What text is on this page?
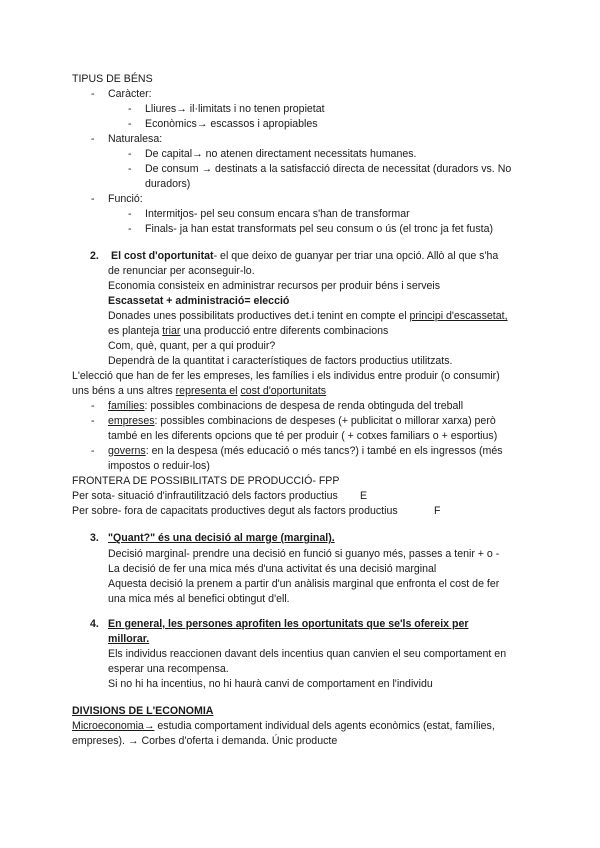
TIPUS DE BÉNS
- Caràcter:
- Lliures→ il·limitats i no tenen propietat
- Econòmics→ escassos i apropiables
- Naturalesa:
- De capital→ no atenen directament necessitats humanes.
- De consum → destinats a la satisfacció directa de necessitat (duradors vs. No
duradors)
- Funció:
- Intermitjos- pel seu consum encara s'han de transformar
- Finals- ja han estat transformats pel seu consum o ús (el tronc ja fet fusta)
2. El cost d'oportunitat- el que deixo de guanyar per triar una opció. Allò al que s'ha
de renunciar per aconseguir-lo.
Economia consisteix en administrar recursos per produir béns i serveis
Escassetat + administració= elecció
Donades unes possibilitats productives det.i tenint en compte el principi d'escassetat,
es planteja triar una producció entre diferents combinacions
Com, què, quant, per a qui produir?
Dependrà de la quantitat i característiques de factors productius utilitzats.
L'elecció que han de fer les empreses, les famílies i els individus entre produir (o consumir)
uns béns a uns altres representa el cost d'oportunitats
- famílies: possibles combinacions de despesa de renda obtinguda del treball
- empreses: possibles combinacions de despeses (+ publicitat o millorar xarxa) però
també en les diferents opcions que té per produir ( + cotxes familiars o + esportius)
- governs: en la despesa (més educació o més tancs?) i també en els ingressos (més
impostos o reduir-los)
FRONTERA DE POSSIBILITATS DE PRODUCCIÓ- FPP
Per sota- situació d'infrautilització dels factors productius E
Per sobre- fora de capacitats productives degut als factors productius	F
3. "Quant?" és una decisió al marge (marginal).
Decisió marginal- prendre una decisió en funció si guanyo més, passes a tenir + o -
La decisió de fer una mica més d'una activitat és una decisió marginal
Aquesta decisió la prenem a partir d'un anàlisis marginal que enfronta el cost de fer
una mica més al benefici obtingut d'ell.
4. En general, les persones aprofiten les oportunitats que se'ls ofereix per
millorar.
Els individus reaccionen davant dels incentius quan canvien el seu comportament en
esperar una recompensa.
Si no hi ha incentius, no hi haurà canvi de comportament en l'individu
DIVISIONS DE L'ECONOMIA
Microeconomia→ estudia comportament individual dels agents econòmics (estat, famílies,
empreses). → Corbes d'oferta i demanda. Únic producte
